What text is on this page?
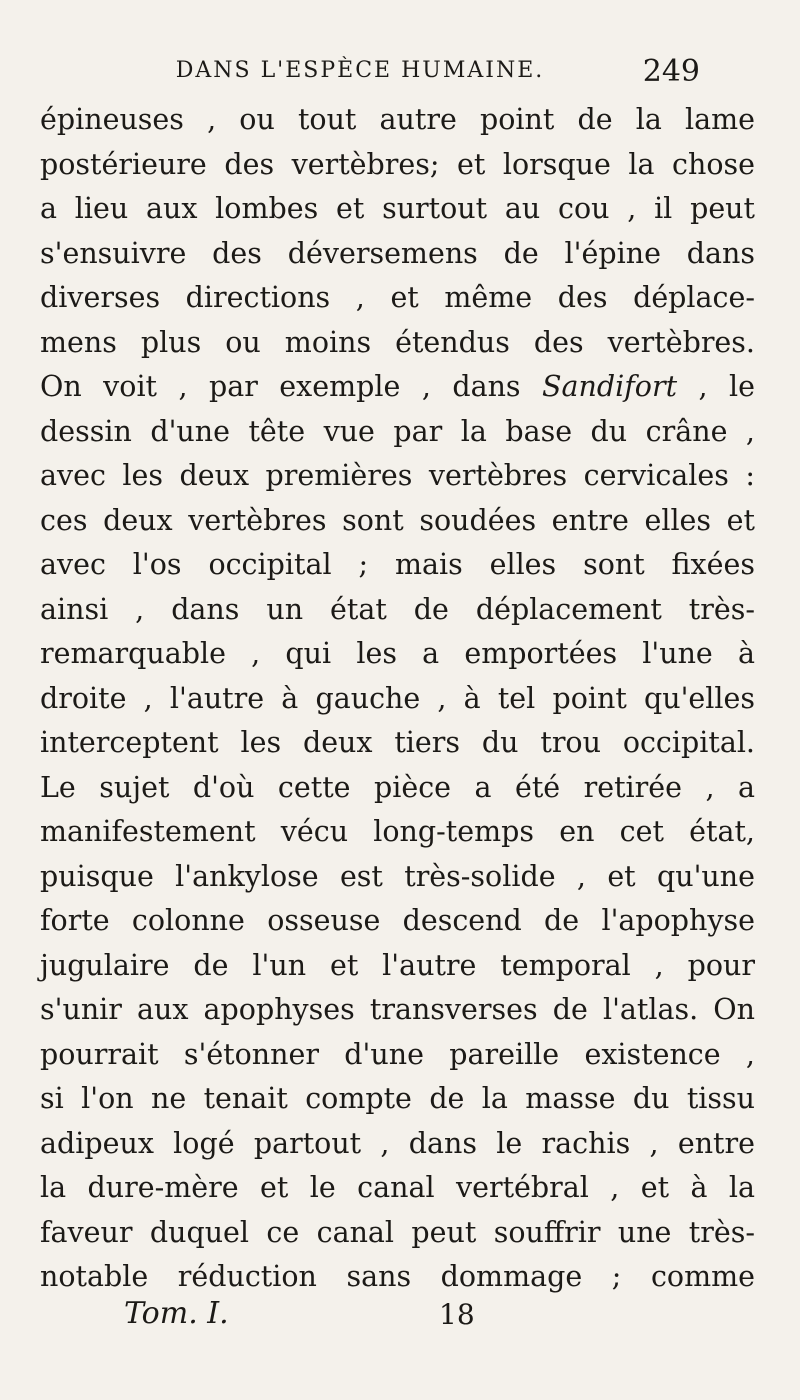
DANS L'ESPÈCE HUMAINE.	249
épineuses , ou tout autre point de la lame
postérieure des vertèbres; et lorsque la chose
a lieu aux lombes et surtout au cou , il peut
s'ensuivre des déversemens de l'épine dans
diverses directions , et même des déplace-
mens plus ou moins étendus des vertèbres.
On voit , par exemple , dans Sandifort , le
dessin d'une tête vue par la base du crâne ,
avec les deux premières vertèbres cervicales :
ces deux vertèbres sont soudées entre elles et
avec l'os occipital ; mais elles sont fixées
ainsi , dans un état de déplacement très-
remarquable , qui les a emportées l'une à
droite , l'autre à gauche , à tel point qu'elles
interceptent les deux tiers du trou occipital.
Le sujet d'où cette pièce a été retirée , a
manifestement vécu long-temps en cet état,
puisque l'ankylose est très-solide , et qu'une
forte colonne osseuse descend de l'apophyse
jugulaire de l'un et l'autre temporal , pour
s'unir aux apophyses transverses de l'atlas. On
pourrait s'étonner d'une pareille existence ,
si l'on ne tenait compte de la masse du tissu
adipeux logé partout , dans le rachis , entre
la dure-mère et le canal vertébral , et à la
faveur duquel ce canal peut souffrir une très-
notable réduction sans dommage ; comme
Tom. I.	18
